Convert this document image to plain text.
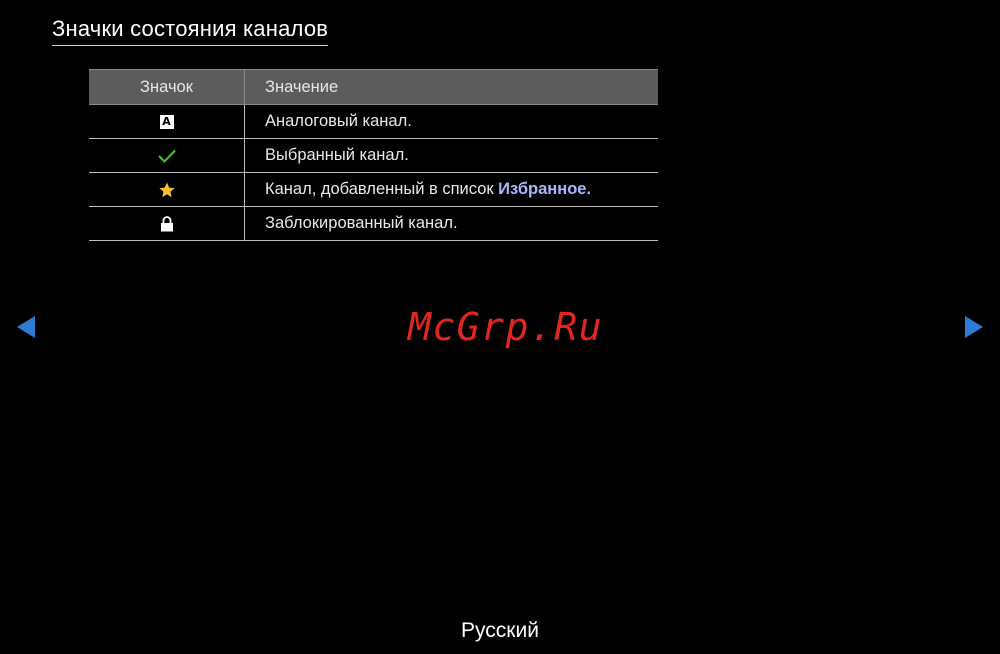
Значки состояния каналов
Значок	Значение
A	Аналоговый канал.
	Выбранный канал.
	Канал, добавленный в список Избранное.
	Заблокированный канал.
McGrp.Ru
Русский
